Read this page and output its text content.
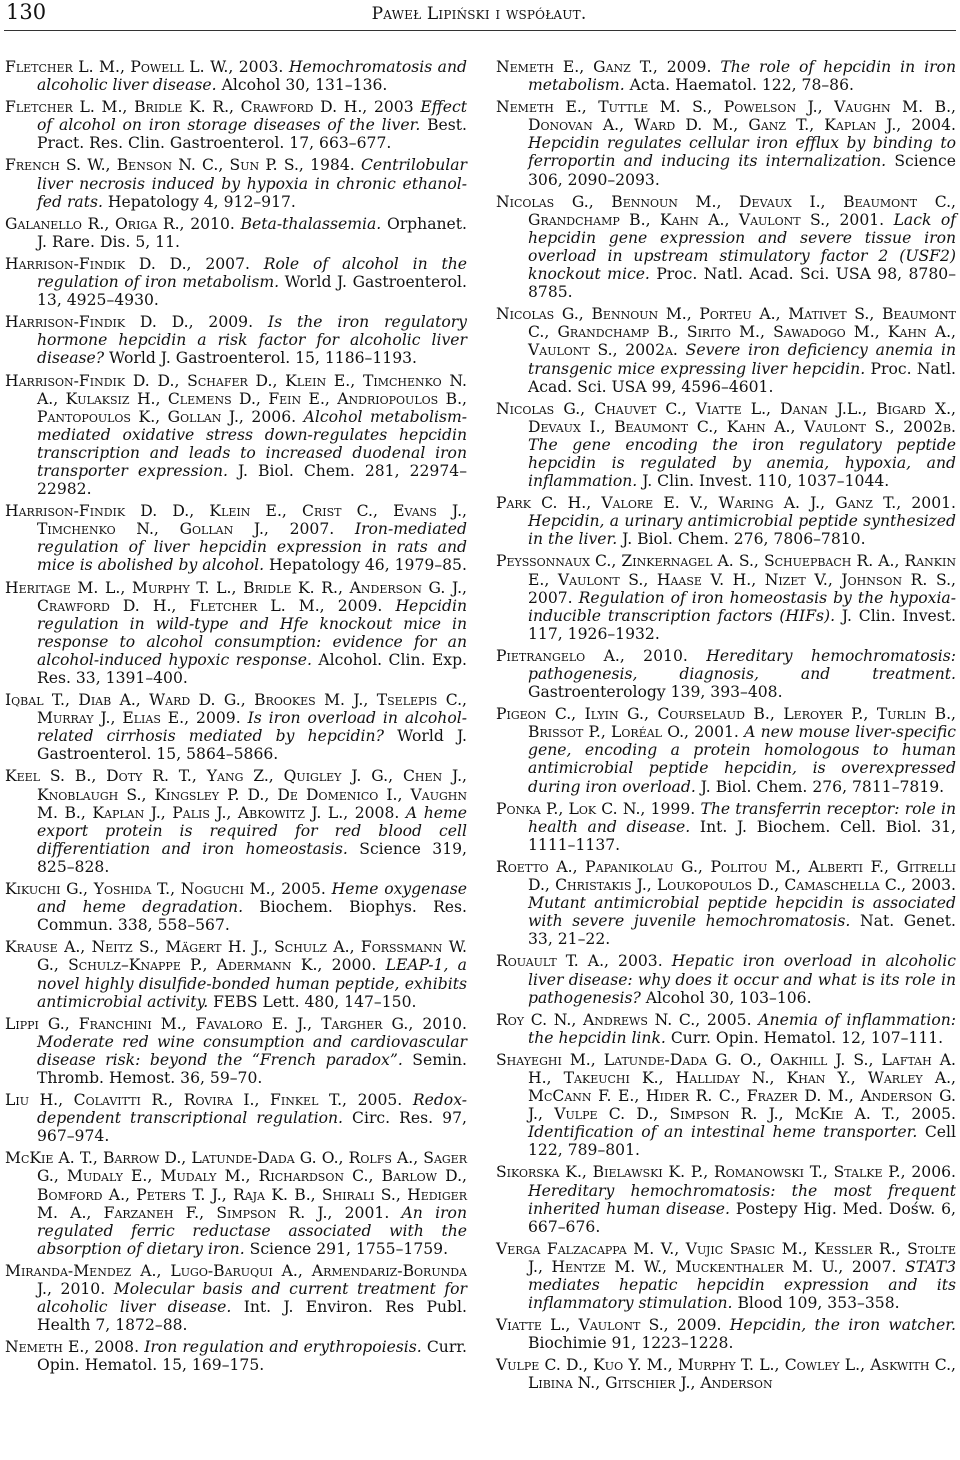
130	Paweł Lipiński i współaut.

Fletcher L. M., Powell L. W., 2003. Hemochromatosis and alcoholic liver disease. Alcohol 30, 131–136.

Fletcher L. M., Bridle K. R., Crawford D. H., 2003 Effect of alcohol on iron storage diseases of the liver. Best. Pract. Res. Clin. Gastroenterol. 17, 663–677.

French S. W., Benson N. C., Sun P. S., 1984. Centrilobular liver necrosis induced by hypoxia in chronic ethanol-fed rats. Hepatology 4, 912–917.

Galanello R., Origa R., 2010. Beta-thalassemia. Orphanet. J. Rare. Dis. 5, 11.

Harrison-Findik D. D., 2007. Role of alcohol in the regulation of iron metabolism. World J. Gastroenterol. 13, 4925–4930.

Harrison-Findik D. D., 2009. Is the iron regulatory hormone hepcidin a risk factor for alcoholic liver disease? World J. Gastroenterol. 15, 1186–1193.

Harrison-Findik D. D., Schafer D., Klein E., Timchenko N. A., Kulaksiz H., Clemens D., Fein E., Andriopoulos B., Pantopoulos K., Gollan J., 2006. Alcohol metabolism-mediated oxidative stress down-regulates hepcidin transcription and leads to increased duodenal iron transporter expression. J. Biol. Chem. 281, 22974–22982.

Harrison-Findik D. D., Klein E., Crist C., Evans J., Timchenko N., Gollan J., 2007. Iron-mediated regulation of liver hepcidin expression in rats and mice is abolished by alcohol. Hepatology 46, 1979–85.

Heritage M. L., Murphy T. L., Bridle K. R., Anderson G. J., Crawford D. H., Fletcher L. M., 2009. Hepcidin regulation in wild-type and Hfe knockout mice in response to alcohol consumption: evidence for an alcohol-induced hypoxic response. Alcohol. Clin. Exp. Res. 33, 1391–400.

Iqbal T., Diab A., Ward D. G., Brookes M. J., Tselepis C., Murray J., Elias E., 2009. Is iron overload in alcohol-related cirrhosis mediated by hepcidin? World J. Gastroenterol. 15, 5864–5866.

Keel S. B., Doty R. T., Yang Z., Quigley J. G., Chen J., Knoblaugh S., Kingsley P. D., De Domenico I., Vaughn M. B., Kaplan J., Palis J., Abkowitz J. L., 2008. A heme export protein is required for red blood cell differentiation and iron homeostasis. Science 319, 825–828.

Kikuchi G., Yoshida T., Noguchi M., 2005. Heme oxygenase and heme degradation. Biochem. Biophys. Res. Commun. 338, 558–567.

Krause A., Neitz S., Mägert H. J., Schulz A., Forssmann W. G., Schulz–Knappe P., Adermann K., 2000. LEAP-1, a novel highly disulfide-bonded human peptide, exhibits antimicrobial activity. FEBS Lett. 480, 147–150.

Lippi G., Franchini M., Favaloro E. J., Targher G., 2010. Moderate red wine consumption and cardiovascular disease risk: beyond the “French paradox”. Semin. Thromb. Hemost. 36, 59–70.

Liu H., Colavitti R., Rovira I., Finkel T., 2005. Redox-dependent transcriptional regulation. Circ. Res. 97, 967–974.

McKie A. T., Barrow D., Latunde-Dada G. O., Rolfs A., Sager G., Mudaly E., Mudaly M., Richardson C., Barlow D., Bomford A., Peters T. J., Raja K. B., Shirali S., Hediger M. A., Farzaneh F., Simpson R. J., 2001. An iron regulated ferric reductase associated with the absorption of dietary iron. Science 291, 1755–1759.

Miranda-Mendez A., Lugo-Baruqui A., Armendariz-Borunda J., 2010. Molecular basis and current treatment for alcoholic liver disease. Int. J. Environ. Res Publ. Health 7, 1872–88.

Nemeth E., 2008. Iron regulation and erythropoiesis. Curr. Opin. Hematol. 15, 169–175.

Nemeth E., Ganz T., 2009. The role of hepcidin in iron metabolism. Acta. Haematol. 122, 78–86.

Nemeth E., Tuttle M. S., Powelson J., Vaughn M. B., Donovan A., Ward D. M., Ganz T., Kaplan J., 2004. Hepcidin regulates cellular iron efflux by binding to ferroportin and inducing its internalization. Science 306, 2090–2093.

Nicolas G., Bennoun M., Devaux I., Beaumont C., Grandchamp B., Kahn A., Vaulont S., 2001. Lack of hepcidin gene expression and severe tissue iron overload in upstream stimulatory factor 2 (USF2) knockout mice. Proc. Natl. Acad. Sci. USA 98, 8780–8785.

Nicolas G., Bennoun M., Porteu A., Mativet S., Beaumont C., Grandchamp B., Sirito M., Sawadogo M., Kahn A., Vaulont S., 2002a. Severe iron deficiency anemia in transgenic mice expressing liver hepcidin. Proc. Natl. Acad. Sci. USA 99, 4596–4601.

Nicolas G., Chauvet C., Viatte L., Danan J.L., Bigard X., Devaux I., Beaumont C., Kahn A., Vaulont S., 2002b. The gene encoding the iron regulatory peptide hepcidin is regulated by anemia, hypoxia, and inflammation. J. Clin. Invest. 110, 1037–1044.

Park C. H., Valore E. V., Waring A. J., Ganz T., 2001. Hepcidin, a urinary antimicrobial peptide synthesized in the liver. J. Biol. Chem. 276, 7806–7810.

Peyssonnaux C., Zinkernagel A. S., Schuepbach R. A., Rankin E., Vaulont S., Haase V. H., Nizet V., Johnson R. S., 2007. Regulation of iron homeostasis by the hypoxia-inducible transcription factors (HIFs). J. Clin. Invest. 117, 1926–1932.

Pietrangelo A., 2010. Hereditary hemochromatosis: pathogenesis, diagnosis, and treatment. Gastroenterology 139, 393–408.

Pigeon C., Ilyin G., Courselaud B., Leroyer P., Turlin B., Brissot P., Loréal O., 2001. A new mouse liver-specific gene, encoding a protein homologous to human antimicrobial peptide hepcidin, is overexpressed during iron overload. J. Biol. Chem. 276, 7811–7819.

Ponka P., Lok C. N., 1999. The transferrin receptor: role in health and disease. Int. J. Biochem. Cell. Biol. 31, 1111–1137.

Roetto A., Papanikolau G., Politou M., Alberti F., Gitrelli D., Christakis J., Loukopoulos D., Camaschella C., 2003. Mutant antimicrobial peptide hepcidin is associated with severe juvenile hemochromatosis. Nat. Genet. 33, 21–22.

Rouault T. A., 2003. Hepatic iron overload in alcoholic liver disease: why does it occur and what is its role in pathogenesis? Alcohol 30, 103–106.

Roy C. N., Andrews N. C., 2005. Anemia of inflammation: the hepcidin link. Curr. Opin. Hematol. 12, 107–111.

Shayeghi M., Latunde-Dada G. O., Oakhill J. S., Laftah A. H., Takeuchi K., Halliday N., Khan Y., Warley A., McCann F. E., Hider R. C., Frazer D. M., Anderson G. J., Vulpe C. D., Simpson R. J., McKie A. T., 2005. Identification of an intestinal heme transporter. Cell 122, 789–801.

Sikorska K., Bielawski K. P., Romanowski T., Stalke P., 2006. Hereditary hemochromatosis: the most frequent inherited human disease. Postepy Hig. Med. Dośw. 6, 667–676.

Verga Falzacappa M. V., Vujic Spasic M., Kessler R., Stolte J., Hentze M. W., Muckenthaler M. U., 2007. STAT3 mediates hepatic hepcidin expression and its inflammatory stimulation. Blood 109, 353–358.

Viatte L., Vaulont S., 2009. Hepcidin, the iron watcher. Biochimie 91, 1223–1228.

Vulpe C. D., Kuo Y. M., Murphy T. L., Cowley L., Askwith C., Libina N., Gitschier J., Anderson
